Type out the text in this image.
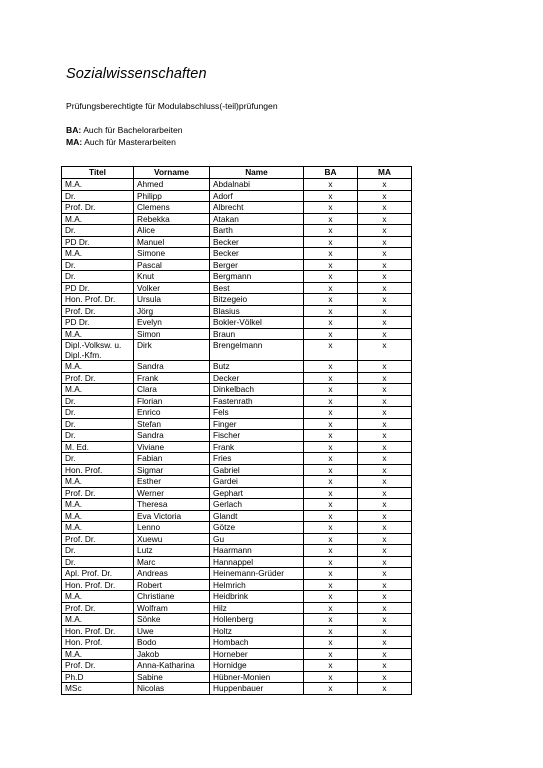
Sozialwissenschaften
Prüfungsberechtigte für Modulabschluss(-teil)prüfungen
BA: Auch für Bachelorarbeiten
MA: Auch für Masterarbeiten
Titel	Vorname	Name	BA	MA
M.A.	Ahmed	Abdalnabi	x	x
Dr.	Philipp	Adorf	x	x
Prof. Dr.	Clemens	Albrecht	x	x
M.A.	Rebekka	Atakan	x	x
Dr.	Alice	Barth	x	x
PD Dr.	Manuel	Becker	x	x
M.A.	Simone	Becker	x	x
Dr.	Pascal	Berger	x	x
Dr.	Knut	Bergmann	x	x
PD Dr.	Volker	Best	x	x
Hon. Prof. Dr.	Ursula	Bitzegeio	x	x
Prof. Dr.	Jörg	Blasius	x	x
PD Dr.	Evelyn	Bokler-Völkel	x	x
M.A.	Simon	Braun	x	x
Dipl.-Volksw. u. Dipl.-Kfm.	Dirk	Brengelmann	x	x
M.A.	Sandra	Butz	x	x
Prof. Dr.	Frank	Decker	x	x
M.A.	Clara	Dinkelbach	x	x
Dr.	Florian	Fastenrath	x	x
Dr.	Enrico	Fels	x	x
Dr.	Stefan	Finger	x	x
Dr.	Sandra	Fischer	x	x
M. Ed.	Viviane	Frank	x	x
Dr.	Fabian	Fries	x	x
Hon. Prof.	Sigmar	Gabriel	x	x
M.A.	Esther	Gardei	x	x
Prof. Dr.	Werner	Gephart	x	x
M.A.	Theresa	Gerlach	x	x
M.A.	Eva Victoria	Glandt	x	x
M.A.	Lenno	Götze	x	x
Prof. Dr.	Xuewu	Gu	x	x
Dr.	Lutz	Haarmann	x	x
Dr.	Marc	Hannappel	x	x
Apl. Prof. Dr.	Andreas	Heinemann-Grüder	x	x
Hon. Prof. Dr.	Robert	Helmrich	x	x
M.A.	Christiane	Heidbrink	x	x
Prof. Dr.	Wolfram	Hilz	x	x
M.A.	Sönke	Hollenberg	x	x
Hon. Prof. Dr.	Uwe	Holtz	x	x
Hon. Prof.	Bodo	Hombach	x	x
M.A.	Jakob	Horneber	x	x
Prof. Dr.	Anna-Katharina	Hornidge	x	x
Ph.D	Sabine	Hübner-Monien	x	x
MSc	Nicolas	Huppenbauer	x	x
